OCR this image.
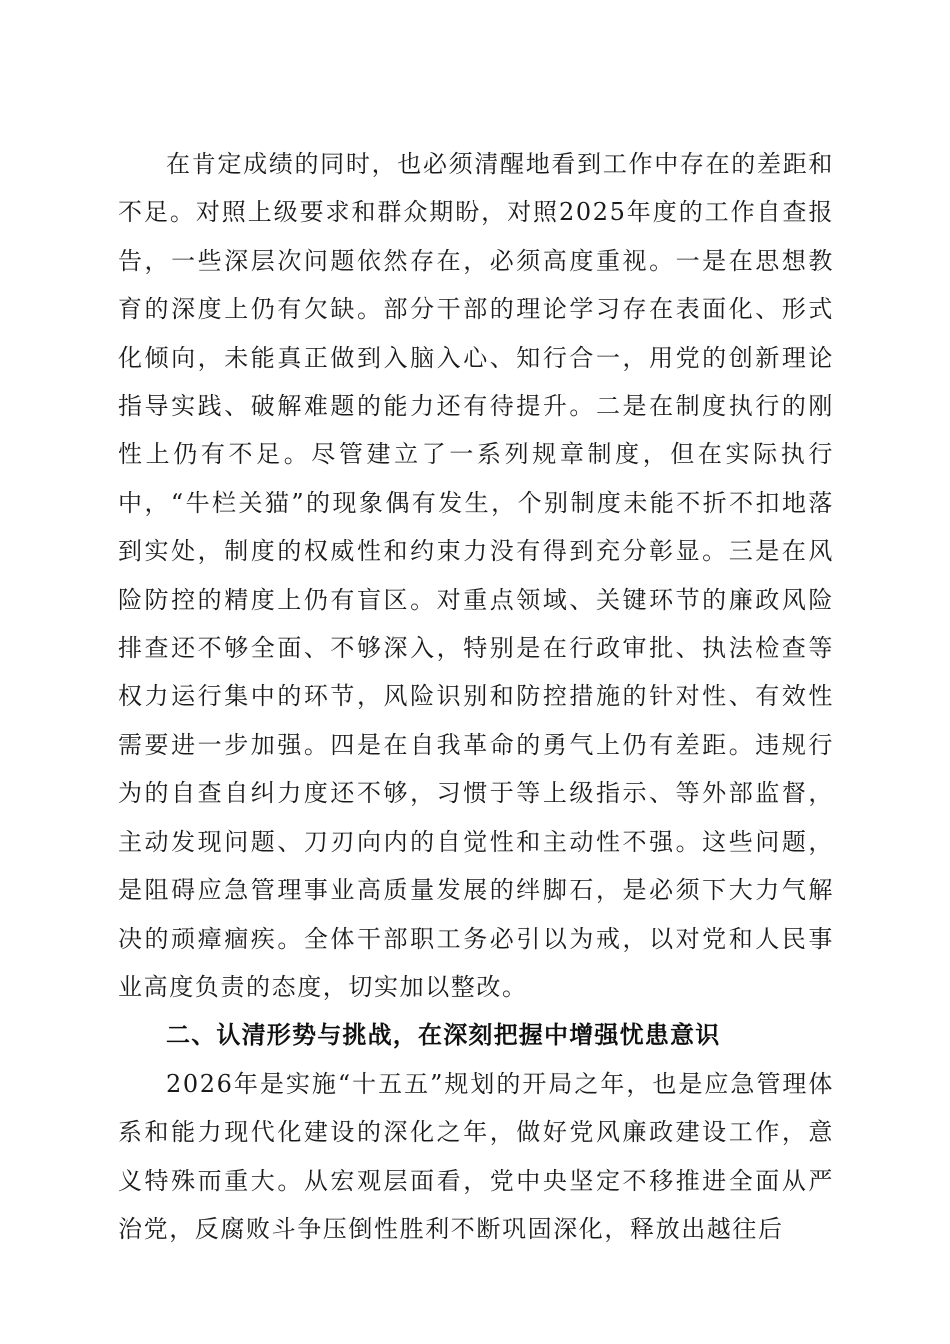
在肯定成绩的同时，也必须清醒地看到工作中存在的差距和不足。对照上级要求和群众期盼，对照2025年度的工作自查报告，一些深层次问题依然存在，必须高度重视。一是在思想教育的深度上仍有欠缺。部分干部的理论学习存在表面化、形式化倾向，未能真正做到入脑入心、知行合一，用党的创新理论指导实践、破解难题的能力还有待提升。二是在制度执行的刚性上仍有不足。尽管建立了一系列规章制度，但在实际执行中，“牛栏关猫”的现象偶有发生，个别制度未能不折不扣地落到实处，制度的权威性和约束力没有得到充分彰显。三是在风险防控的精度上仍有盲区。对重点领域、关键环节的廉政风险排查还不够全面、不够深入，特别是在行政审批、执法检查等权力运行集中的环节，风险识别和防控措施的针对性、有效性需要进一步加强。四是在自我革命的勇气上仍有差距。违规行为的自查自纠力度还不够，习惯于等上级指示、等外部监督，主动发现问题、刀刃向内的自觉性和主动性不强。这些问题，是阻碍应急管理事业高质量发展的绊脚石，是必须下大力气解决的顽瘴痼疾。全体干部职工务必引以为戒，以对党和人民事业高度负责的态度，切实加以整改。

二、认清形势与挑战，在深刻把握中增强忧患意识

2026年是实施“十五五”规划的开局之年，也是应急管理体系和能力现代化建设的深化之年，做好党风廉政建设工作，意义特殊而重大。从宏观层面看，党中央坚定不移推进全面从严治党，反腐败斗争压倒性胜利不断巩固深化，释放出越往后
